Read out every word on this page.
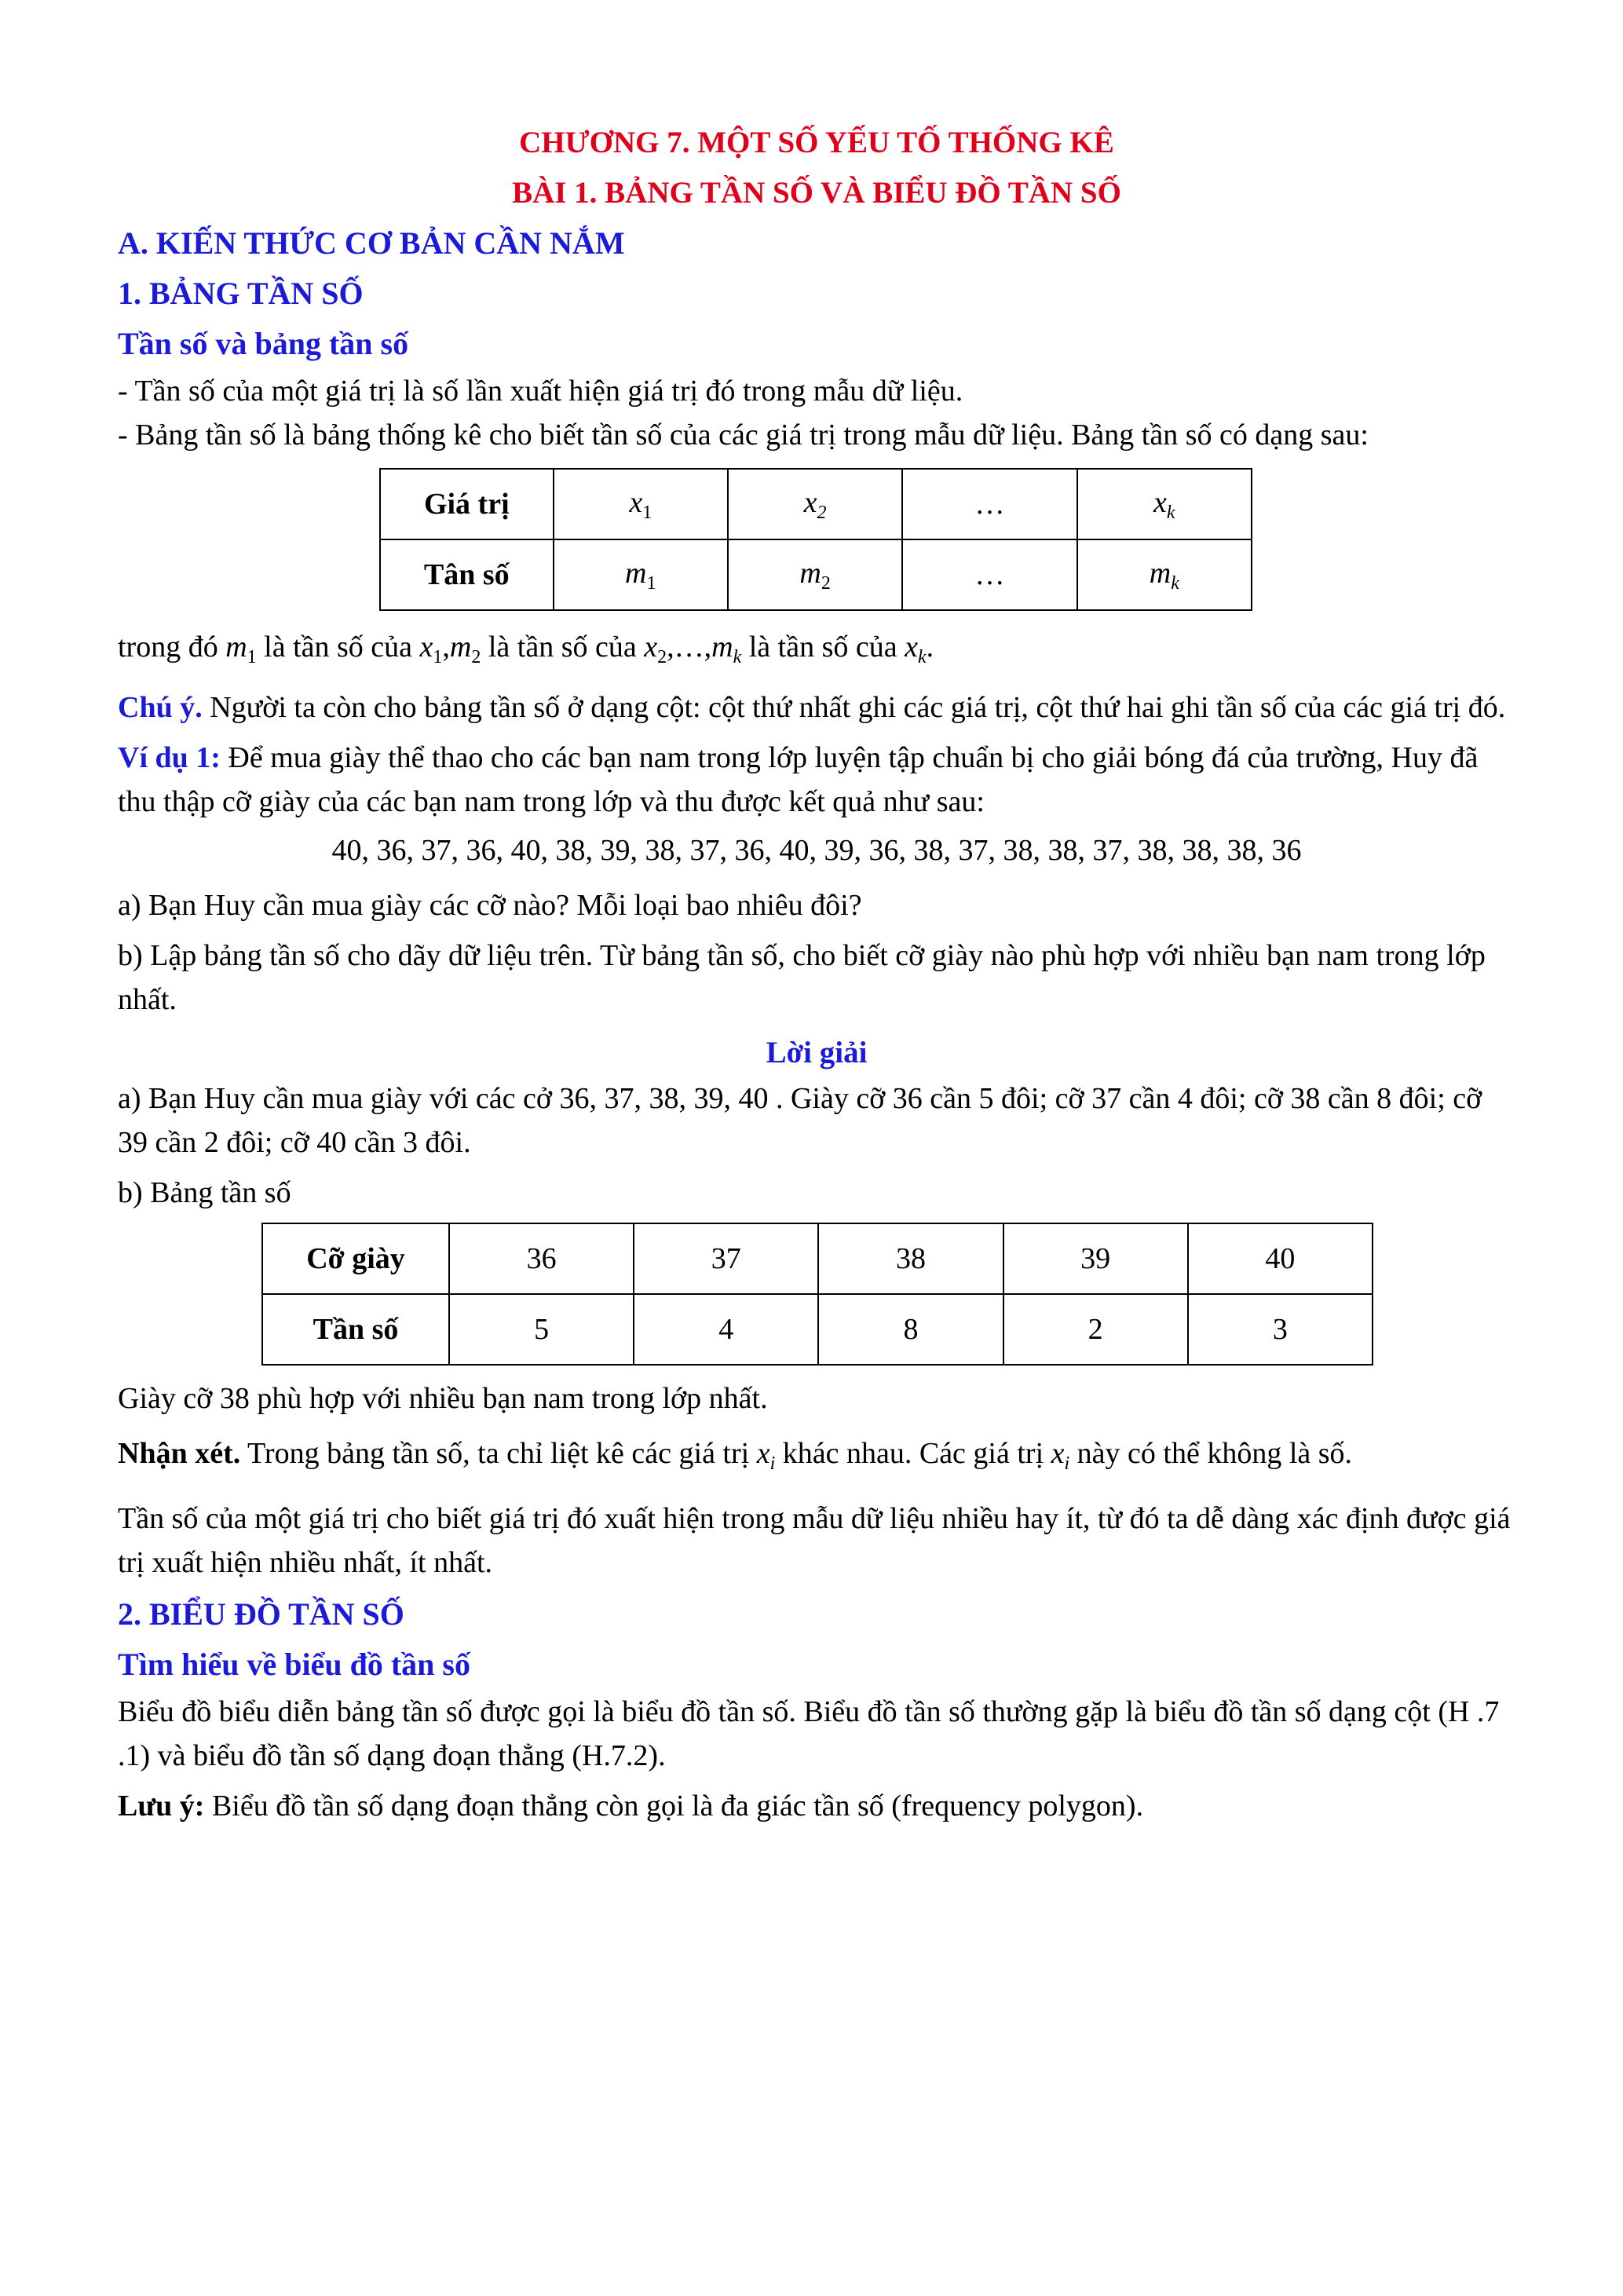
CHƯƠNG 7. MỘT SỐ YẾU TỐ THỐNG KÊ
BÀI 1. BẢNG TẦN SỐ VÀ BIỂU ĐỒ TẦN SỐ
A. KIẾN THỨC CƠ BẢN CẦN NẮM
1. BẢNG TẦN SỐ
Tần số và bảng tần số

- Tần số của một giá trị là số lần xuất hiện giá trị đó trong mẫu dữ liệu.

- Bảng tần số là bảng thống kê cho biết tần số của các giá trị trong mẫu dữ liệu. Bảng tần số có dạng sau:

Giá trị	$x_1$	$x_2$	…	$x_k$
Tân số	$m_1$	$m_2$	…	$m_k$

trong đó $m_1$ là tần số của $x_1,m_2$ là tần số của $x_2,\dots,m_k$ là tần số của $x_k$.

Chú ý. Người ta còn cho bảng tần số ở dạng cột: cột thứ nhất ghi các giá trị, cột thứ hai ghi tần số của các giá trị đó.

Ví dụ 1: Để mua giày thể thao cho các bạn nam trong lớp luyện tập chuẩn bị cho giải bóng đá của trường, Huy đã thu thập cỡ giày của các bạn nam trong lớp và thu được kết quả như sau:

40, 36, 37, 36, 40, 38, 39, 38, 37, 36, 40, 39, 36, 38, 37, 38, 38, 37, 38, 38, 38, 36

a) Bạn Huy cần mua giày các cỡ nào? Mỗi loại bao nhiêu đôi?

b) Lập bảng tần số cho dãy dữ liệu trên. Từ bảng tần số, cho biết cỡ giày nào phù hợp với nhiều bạn nam trong lớp nhất.

Lời giải

a) Bạn Huy cần mua giày với các cở 36, 37, 38, 39, 40 . Giày cỡ 36 cần 5 đôi; cỡ 37 cần 4 đôi; cỡ 38 cần 8 đôi; cỡ 39 cần 2 đôi; cỡ 40 cần 3 đôi.

b) Bảng tần số

Cỡ giày	36	37	38	39	40
Tần số	5	4	8	2	3

Giày cỡ 38 phù hợp với nhiều bạn nam trong lớp nhất.

Nhận xét. Trong bảng tần số, ta chỉ liệt kê các giá trị $x_i$ khác nhau. Các giá trị $x_i$ này có thể không là số.

Tần số của một giá trị cho biết giá trị đó xuất hiện trong mẫu dữ liệu nhiều hay ít, từ đó ta dễ dàng xác định được giá trị xuất hiện nhiều nhất, ít nhất.

2. BIỂU ĐỒ TẦN SỐ
Tìm hiểu về biểu đồ tần số

Biểu đồ biểu diễn bảng tần số được gọi là biểu đồ tần số. Biểu đồ tần số thường gặp là biểu đồ tần số dạng cột (H .7 .1) và biểu đồ tần số dạng đoạn thẳng (H.7.2).

Lưu ý: Biểu đồ tần số dạng đoạn thẳng còn gọi là đa giác tần số (frequency polygon).
